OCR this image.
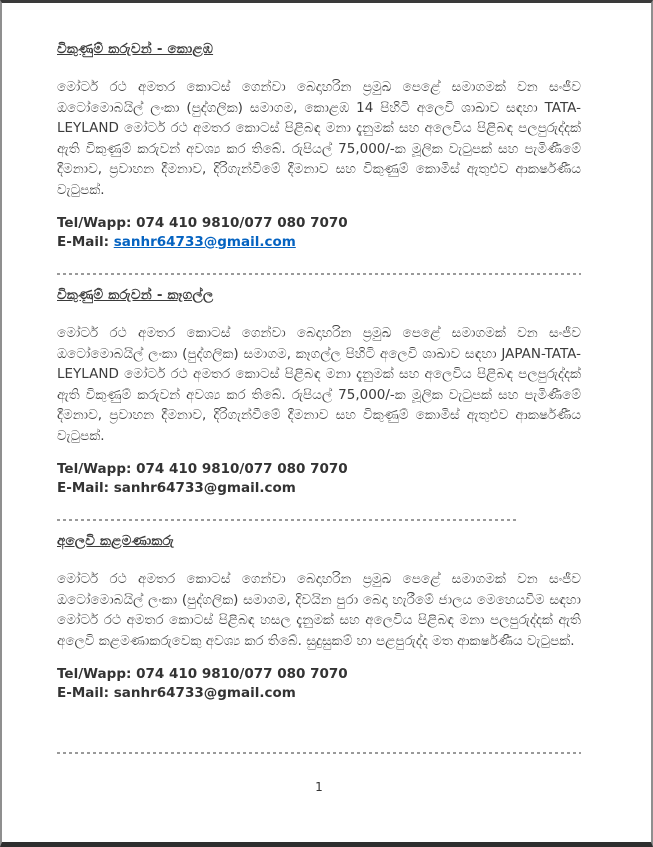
විකුණුම් කරුවන් - කොළඹ

මෝටර් රථ අමතර කොටස් ගෙන්වා බෙදාහරින ප්‍රමුඛ පෙළේ සමාගමක් වන සංජීව ඔටෝමොබයිල් ලංකා (පුද්ගලික) සමාගම, කොළඹ 14 පිහිටි අලෙවි ශාඛාව සඳහා TATA-LEYLAND මෝටර් රථ අමතර කොටස් පිළිබඳ මනා දැනුමක් සහ අලෙවිය පිළිබඳ පලපුරුද්දක් ඇති විකුණුම් කරුවන් අවශ්‍ය කර තිබේ. රුපියල් 75,000/-ක මූලික වැටුපක් සහ පැමිණීමේ දීමනාව, ප්‍රවාහන දීමනාව, දිරිගැන්වීමේ දීමනාව සහ විකුණුම් කොමිස් ඇතුළුව ආකර්ෂණීය වැටුපක්.

Tel/Wapp: 074 410 9810/077 080 7070

E-Mail: sanhr64733@gmail.com

විකුණුම් කරුවන් - කෑගල්ල

මෝටර් රථ අමතර කොටස් ගෙන්වා බෙදාහරින ප්‍රමුඛ පෙළේ සමාගමක් වන සංජීව ඔටෝමොබයිල් ලංකා (පුද්ගලික) සමාගම, කෑගල්ල පිහිටි අලෙවි ශාඛාව සඳහා JAPAN-TATA-LEYLAND මෝටර් රථ අමතර කොටස් පිළිබඳ මනා දැනුමක් සහ අලෙවිය පිළිබඳ පලපුරුද්දක් ඇති විකුණුම් කරුවන් අවශ්‍ය කර තිබේ. රුපියල් 75,000/-ක මූලික වැටුපක් සහ පැමිණීමේ දීමනාව, ප්‍රවාහන දීමනාව, දිරිගැන්වීමේ දීමනාව සහ විකුණුම් කොමිස් ඇතුළුව ආකර්ෂණීය වැටුපක්.

Tel/Wapp: 074 410 9810/077 080 7070

E-Mail: sanhr64733@gmail.com

අලෙවි කළමණාකරු

මෝටර් රථ අමතර කොටස් ගෙන්වා බෙදාහරින ප්‍රමුඛ පෙළේ සමාගමක් වන සංජීව ඔටෝමොබයිල් ලංකා (පුද්ගලික) සමාගම, දිවයින පුරා බෙදා හැරීමේ ජාලය මෙහෙයවීම සඳහා මෝටර් රථ අමතර කොටස් පිළිබඳ හසල දැනුමක් සහ අලෙවිය පිළිබඳ මනා පලපුරුද්දක් ඇති අලෙවි කළමණාකරුවෙකු අවශ්‍ය කර තිබේ. සුදුසුකම් හා පළපුරුද්ද මත ආකර්ෂණීය වැටුපක්.

Tel/Wapp: 074 410 9810/077 080 7070

E-Mail: sanhr64733@gmail.com

1
